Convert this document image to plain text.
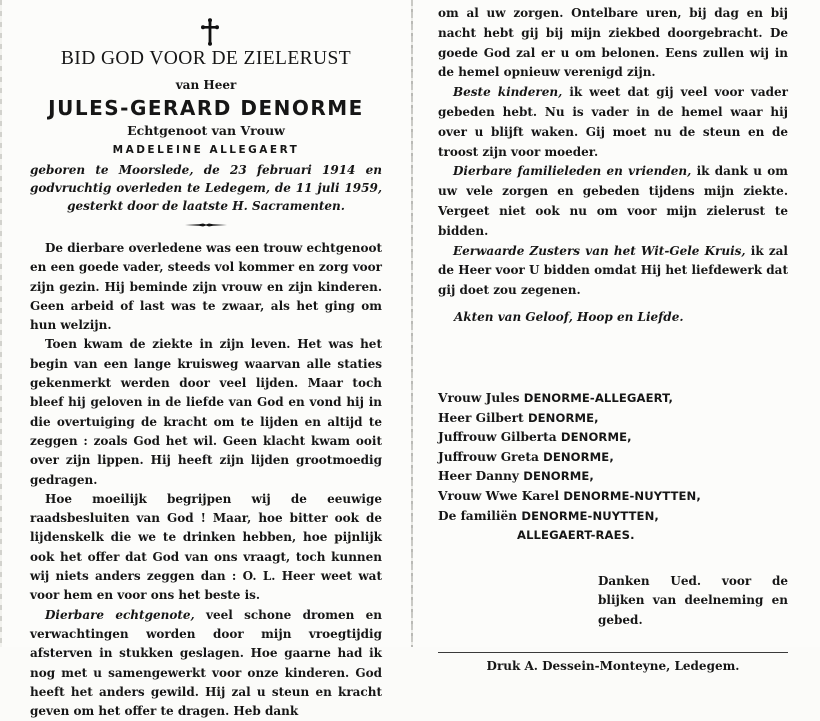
BID GOD VOOR DE ZIELERUST
van Heer
JULES-GERARD DENORME
Echtgenoot van Vrouw
MADELEINE ALLEGAERT
geboren te Moorslede, de 23 februari 1914 en godvruchtig overleden te Ledegem, de 11 juli 1959, gesterkt door de laatste H. Sacramenten.

De dierbare overledene was een trouw echtgenoot en een goede vader, steeds vol kommer en zorg voor zijn gezin. Hij beminde zijn vrouw en zijn kinderen. Geen arbeid of last was te zwaar, als het ging om hun welzijn.

Toen kwam de ziekte in zijn leven. Het was het begin van een lange kruisweg waarvan alle staties gekenmerkt werden door veel lijden. Maar toch bleef hij geloven in de liefde van God en vond hij in die overtuiging de kracht om te lijden en altijd te zeggen : zoals God het wil. Geen klacht kwam ooit over zijn lippen. Hij heeft zijn lijden grootmoedig gedragen.

Hoe moeilijk begrijpen wij de eeuwige raadsbesluiten van God ! Maar, hoe bitter ook de lijdenskelk die we te drinken hebben, hoe pijnlijk ook het offer dat God van ons vraagt, toch kunnen wij niets anders zeggen dan : O. L. Heer weet wat voor hem en voor ons het beste is.

Dierbare echtgenote, veel schone dromen en verwachtingen worden door mijn vroegtijdig afsterven in stukken geslagen. Hoe gaarne had ik nog met u samengewerkt voor onze kinderen. God heeft het anders gewild. Hij zal u steun en kracht geven om het offer te dragen. Heb dank

om al uw zorgen. Ontelbare uren, bij dag en bij nacht hebt gij bij mijn ziekbed doorgebracht. De goede God zal er u om belonen. Eens zullen wij in de hemel opnieuw verenigd zijn.

Beste kinderen, ik weet dat gij veel voor vader gebeden hebt. Nu is vader in de hemel waar hij over u blijft waken. Gij moet nu de steun en de troost zijn voor moeder.

Dierbare familieleden en vrienden, ik dank u om uw vele zorgen en gebeden tijdens mijn ziekte. Vergeet niet ook nu om voor mijn zielerust te bidden.

Eerwaarde Zusters van het Wit-Gele Kruis, ik zal de Heer voor U bidden omdat Hij het liefdewerk dat gij doet zou zegenen.

Akten van Geloof, Hoop en Liefde.
Vrouw Jules DENORME-ALLEGAERT,
Heer Gilbert DENORME,
Juffrouw Gilberta DENORME,
Juffrouw Greta DENORME,
Heer Danny DENORME,
Vrouw Wwe Karel DENORME-NUYTTEN,
De familiën DENORME-NUYTTEN,
ALLEGAERT-RAES.
Danken Ued. voor de blijken van deelneming en gebed.
Druk A. Dessein-Monteyne, Ledegem.
